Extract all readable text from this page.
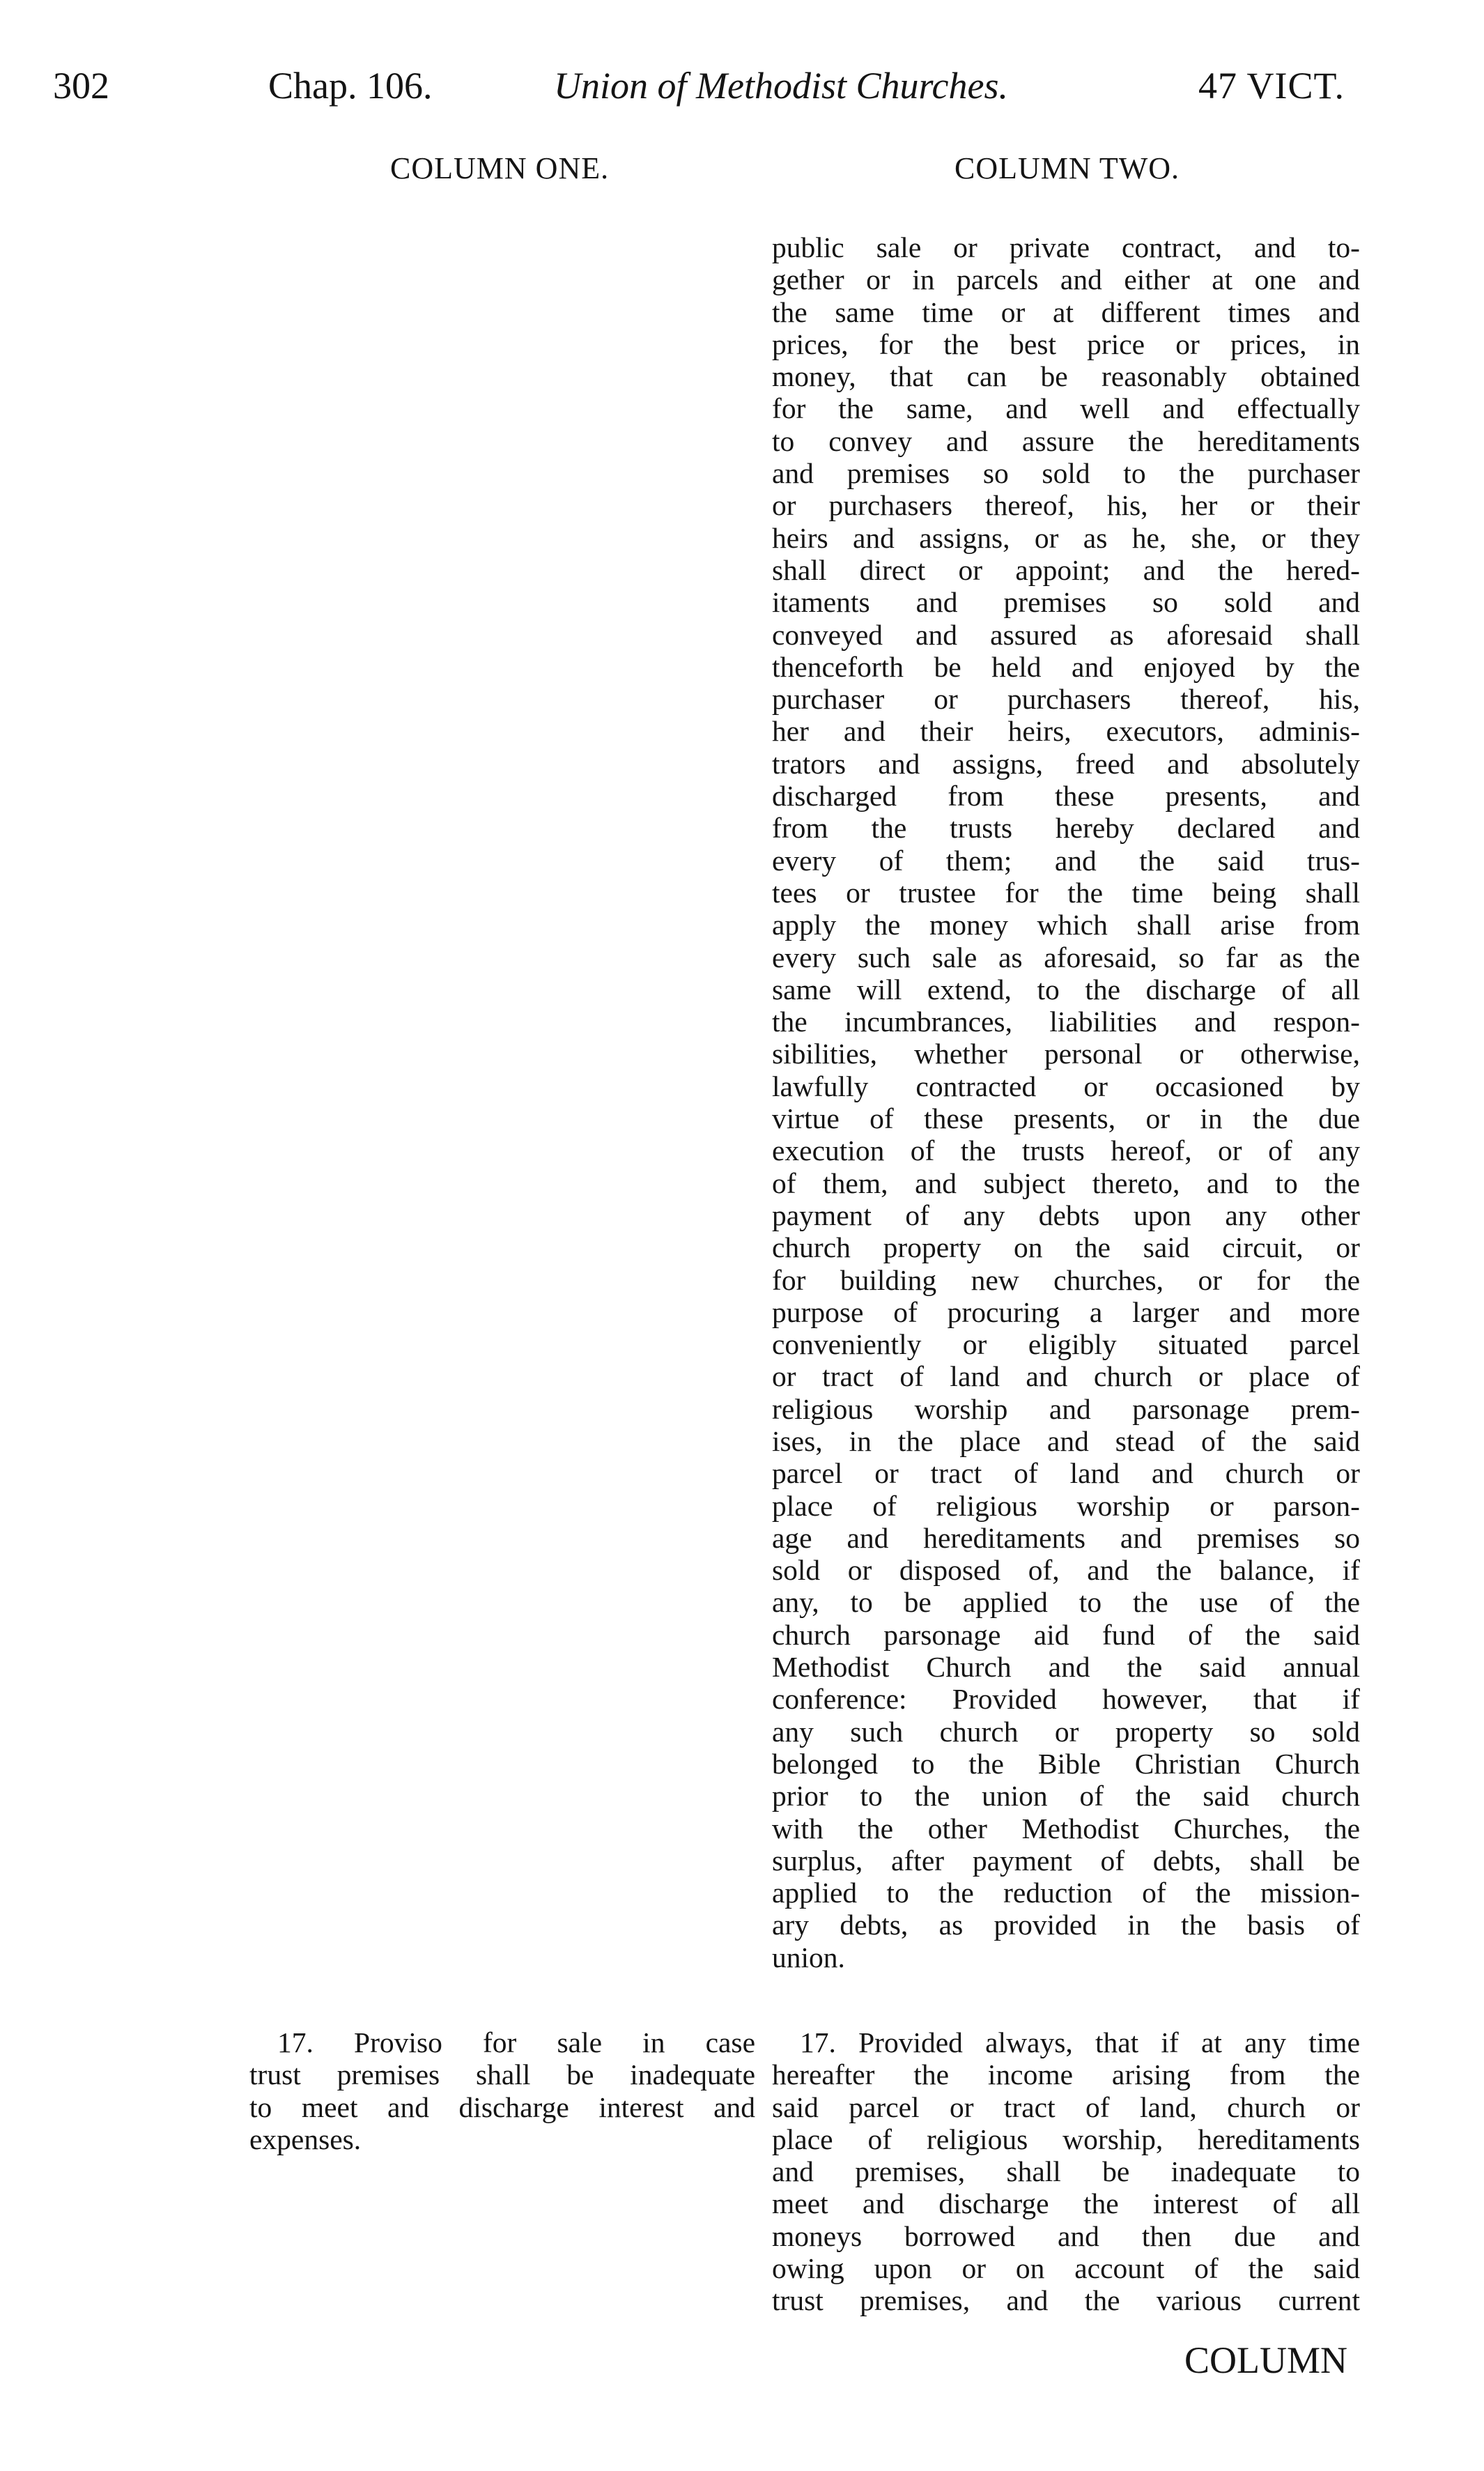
302	Chap. 106.	Union of Methodist Churches.	47 VICT.
COLUMN ONE.	COLUMN TWO.
public sale or private contract, and to-
gether or in parcels and either at one and
the same time or at different times and
prices, for the best price or prices, in
money, that can be reasonably obtained
for the same, and well and effectually
to convey and assure the hereditaments
and premises so sold to the purchaser
or purchasers thereof, his, her or their
heirs and assigns, or as he, she, or they
shall direct or appoint; and the hered-
itaments and premises so sold and
conveyed and assured as aforesaid shall
thenceforth be held and enjoyed by the
purchaser or purchasers thereof, his,
her and their heirs, executors, adminis-
trators and assigns, freed and absolutely
discharged from these presents, and
from the trusts hereby declared and
every of them; and the said trus-
tees or trustee for the time being shall
apply the money which shall arise from
every such sale as aforesaid, so far as the
same will extend, to the discharge of all
the incumbrances, liabilities and respon-
sibilities, whether personal or otherwise,
lawfully contracted or occasioned by
virtue of these presents, or in the due
execution of the trusts hereof, or of any
of them, and subject thereto, and to the
payment of any debts upon any other
church property on the said circuit, or
for building new churches, or for the
purpose of procuring a larger and more
conveniently or eligibly situated parcel
or tract of land and church or place of
religious worship and parsonage prem-
ises, in the place and stead of the said
parcel or tract of land and church or
place of religious worship or parson-
age and hereditaments and premises so
sold or disposed of, and the balance, if
any, to be applied to the use of the
church parsonage aid fund of the said
Methodist Church and the said annual
conference: Provided however, that if
any such church or property so sold
belonged to the Bible Christian Church
prior to the union of the said church
with the other Methodist Churches, the
surplus, after payment of debts, shall be
applied to the reduction of the mission-
ary debts, as provided in the basis of
union.
17. Proviso for sale in case
trust premises shall be inadequate
to meet and discharge interest and
expenses.
17. Provided always, that if at any time
hereafter the income arising from the
said parcel or tract of land, church or
place of religious worship, hereditaments
and premises, shall be inadequate to
meet and discharge the interest of all
moneys borrowed and then due and
owing upon or on account of the said
trust premises, and the various current
COLUMN
